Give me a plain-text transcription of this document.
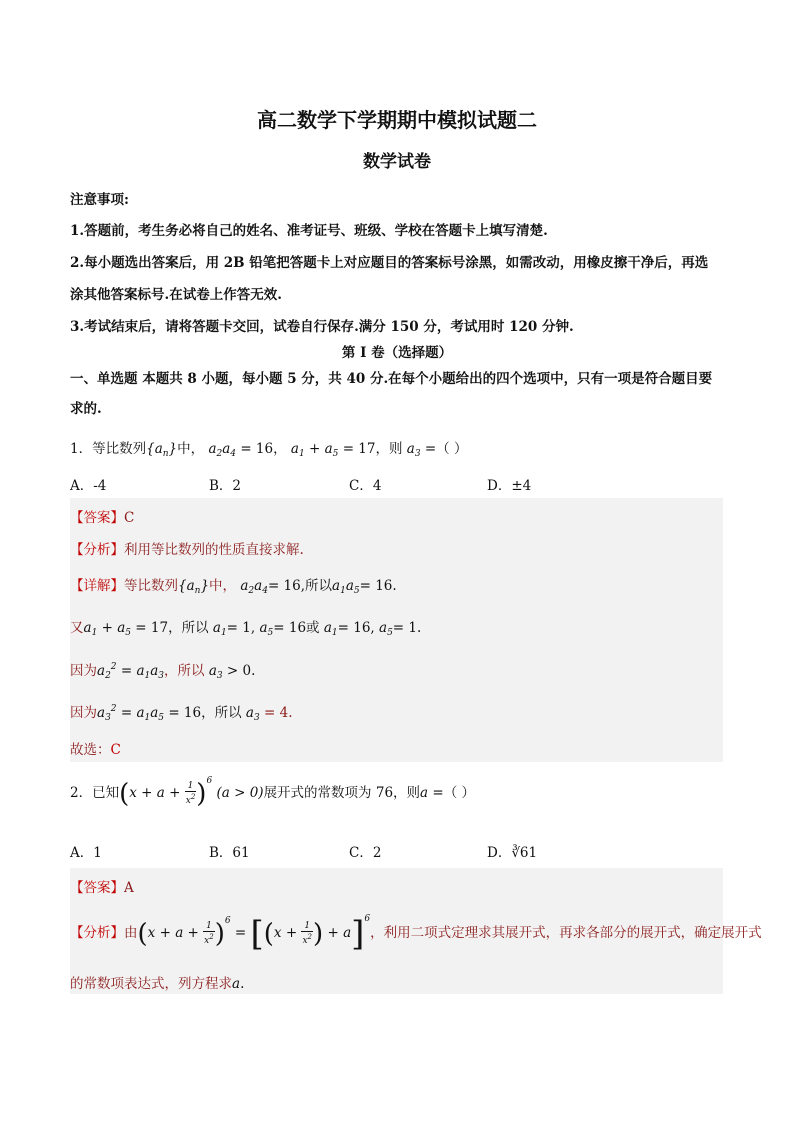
高二数学下学期期中模拟试题二
数学试卷
注意事项:
1.答题前，考生务必将自己的姓名、准考证号、班级、学校在答题卡上填写清楚.
2.每小题选出答案后，用 2B 铅笔把答题卡上对应题目的答案标号涂黑，如需改动，用橡皮擦干净后，再选
涂其他答案标号.在试卷上作答无效.
3.考试结束后，请将答题卡交回，试卷自行保存.满分 150 分，考试用时 120 分钟.
第 I 卷（选择题）
一、单选题 本题共 8 小题，每小题 5 分，共 40 分.在每个小题给出的四个选项中，只有一项是符合题目要
求的.
1．等比数列$\{a_n\}$中， $a_2a_4 = 16$， $a_1 + a_5 = 17$，则 $a_3$ =（ ）
A．-4	B．2	C．4	D．±4
【答案】C
【分析】利用等比数列的性质直接求解.
【详解】等比数列$\{a_n\}$中， $a_2a_4= 16$,所以$a_1a_5= 16$.
又$a_1 + a_5 = 17$，所以 $a_1= 1$, $a_5= 16$或 $a_1= 16$, $a_5= 1$.
因为$a_2^2 = a_1a_3$，所以 $a_3 > 0$.
因为$a_3^2 = a_1a_5 = 16$，所以 $a_3 = 4$.
故选：C
2．已知$(x + a + \frac{1}{x^2} )^6$ (a > 0)展开式的常数项为 76，则a =（ ）
A．1	B．61	C．2	D．∛61
【答案】A
【分析】由$(x + a + \frac{1}{x^2} )^6 = [(x + \frac{1}{x^2}$ ) + a]$^6$，利用二项式定理求其展开式，再求各部分的展开式，确定展开式
的常数项表达式，列方程求a.
